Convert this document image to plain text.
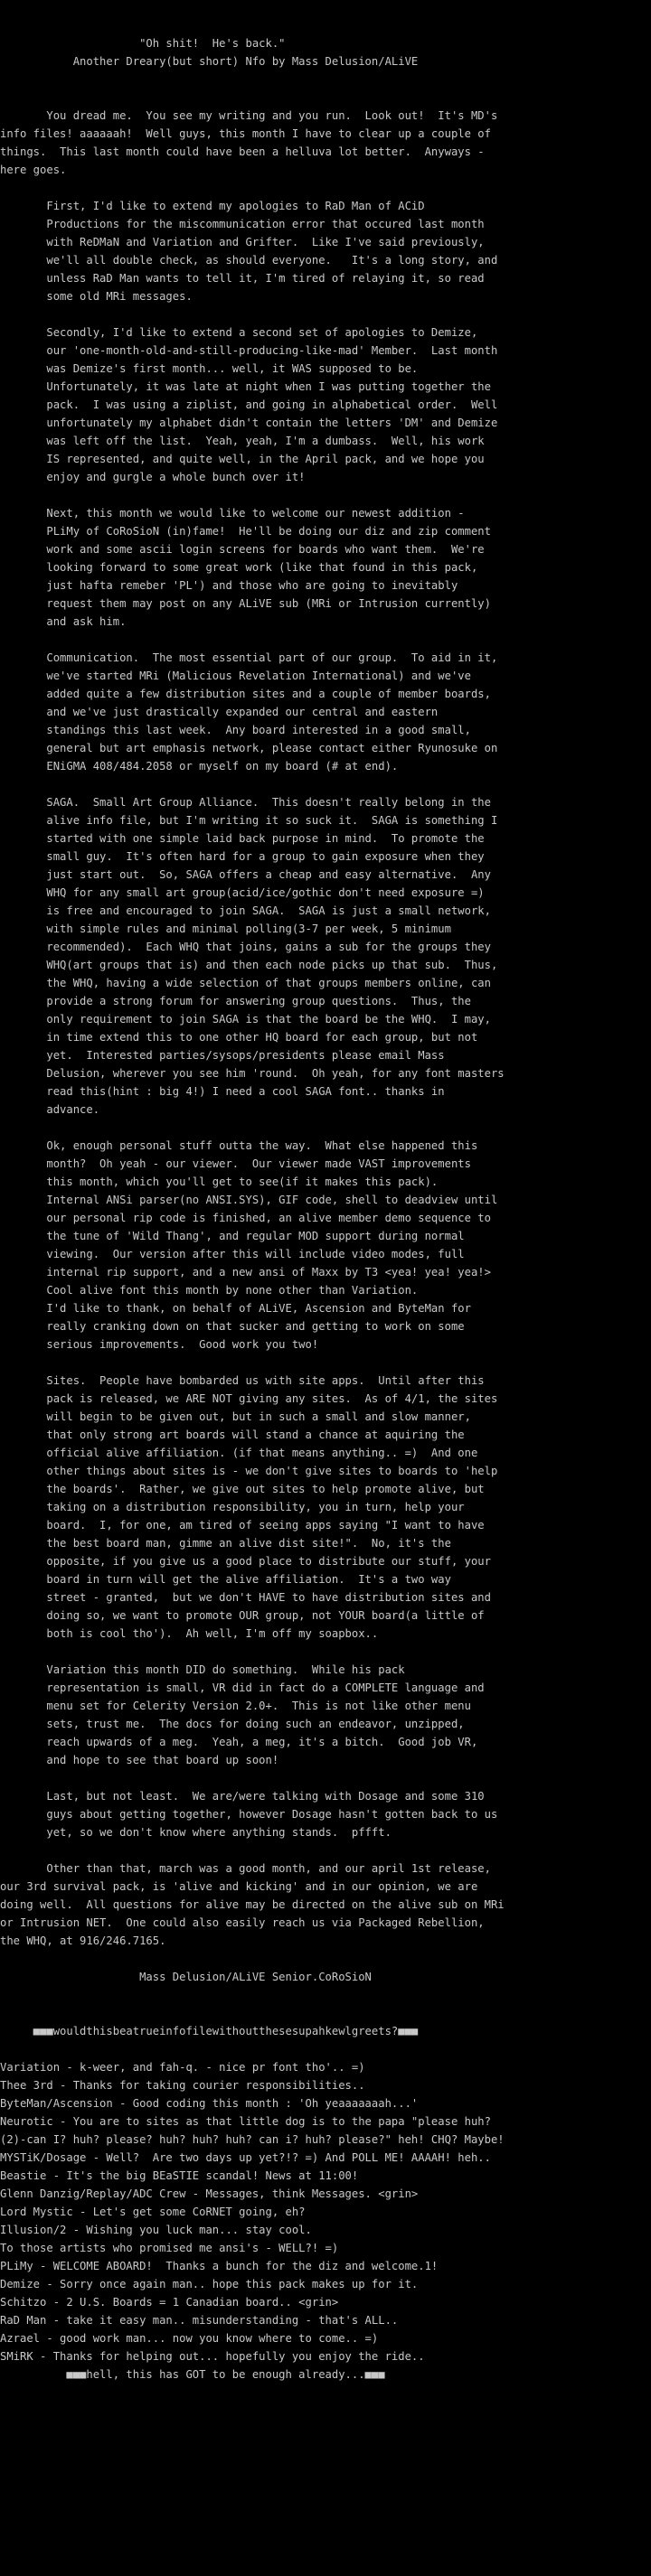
"Oh shit!  He's back."
Another Dreary(but short) Nfo by Mass Delusion/ALiVE
You dread me.  You see my writing and you run.  Look out!  It's MD's
info files! aaaaaah!  Well guys, this month I have to clear up a couple of
things.  This last month could have been a helluva lot better.  Anyways -
here goes.
First, I'd like to extend my apologies to RaD Man of ACiD
Productions for the miscommunication error that occured last month
with ReDMaN and Variation and Grifter.  Like I've said previously,
we'll all double check, as should everyone.   It's a long story, and
unless RaD Man wants to tell it, I'm tired of relaying it, so read
some old MRi messages.
Secondly, I'd like to extend a second set of apologies to Demize,
our 'one-month-old-and-still-producing-like-mad' Member.  Last month
was Demize's first month... well, it WAS supposed to be.
Unfortunately, it was late at night when I was putting together the
pack.  I was using a ziplist, and going in alphabetical order.  Well
unfortunately my alphabet didn't contain the letters 'DM' and Demize
was left off the list.  Yeah, yeah, I'm a dumbass.  Well, his work
IS represented, and quite well, in the April pack, and we hope you
enjoy and gurgle a whole bunch over it!
Next, this month we would like to welcome our newest addition -
PLiMy of CoRoSioN (in)fame!  He'll be doing our diz and zip comment
work and some ascii login screens for boards who want them.  We're
looking forward to some great work (like that found in this pack,
just hafta remeber 'PL') and those who are going to inevitably
request them may post on any ALiVE sub (MRi or Intrusion currently)
and ask him.
Communication.  The most essential part of our group.  To aid in it,
we've started MRi (Malicious Revelation International) and we've
added quite a few distribution sites and a couple of member boards,
and we've just drastically expanded our central and eastern
standings this last week.  Any board interested in a good small,
general but art emphasis network, please contact either Ryunosuke on
ENiGMA 408/484.2058 or myself on my board (# at end).
SAGA.  Small Art Group Alliance.  This doesn't really belong in the
alive info file, but I'm writing it so suck it.  SAGA is something I
started with one simple laid back purpose in mind.  To promote the
small guy.  It's often hard for a group to gain exposure when they
just start out.  So, SAGA offers a cheap and easy alternative.  Any
WHQ for any small art group(acid/ice/gothic don't need exposure =)
is free and encouraged to join SAGA.  SAGA is just a small network,
with simple rules and minimal polling(3-7 per week, 5 minimum
recommended).  Each WHQ that joins, gains a sub for the groups they
WHQ(art groups that is) and then each node picks up that sub.  Thus,
the WHQ, having a wide selection of that groups members online, can
provide a strong forum for answering group questions.  Thus, the
only requirement to join SAGA is that the board be the WHQ.  I may,
in time extend this to one other HQ board for each group, but not
yet.  Interested parties/sysops/presidents please email Mass
Delusion, wherever you see him 'round.  Oh yeah, for any font masters
read this(hint : big 4!) I need a cool SAGA font.. thanks in
advance.
Ok, enough personal stuff outta the way.  What else happened this
month?  Oh yeah - our viewer.  Our viewer made VAST improvements
this month, which you'll get to see(if it makes this pack).
Internal ANSi parser(no ANSI.SYS), GIF code, shell to deadview until
our personal rip code is finished, an alive member demo sequence to
the tune of 'Wild Thang', and regular MOD support during normal
viewing.  Our version after this will include video modes, full
internal rip support, and a new ansi of Maxx by T3 <yea! yea! yea!>
Cool alive font this month by none other than Variation.
I'd like to thank, on behalf of ALiVE, Ascension and ByteMan for
really cranking down on that sucker and getting to work on some
serious improvements.  Good work you two!
Sites.  People have bombarded us with site apps.  Until after this
pack is released, we ARE NOT giving any sites.  As of 4/1, the sites
will begin to be given out, but in such a small and slow manner,
that only strong art boards will stand a chance at aquiring the
official alive affiliation. (if that means anything.. =)  And one
other things about sites is - we don't give sites to boards to 'help
the boards'.  Rather, we give out sites to help promote alive, but
taking on a distribution responsibility, you in turn, help your
board.  I, for one, am tired of seeing apps saying "I want to have
the best board man, gimme an alive dist site!".  No, it's the
opposite, if you give us a good place to distribute our stuff, your
board in turn will get the alive affiliation.  It's a two way
street - granted,  but we don't HAVE to have distribution sites and
doing so, we want to promote OUR group, not YOUR board(a little of
both is cool tho').  Ah well, I'm off my soapbox..
Variation this month DID do something.  While his pack
representation is small, VR did in fact do a COMPLETE language and
menu set for Celerity Version 2.0+.  This is not like other menu
sets, trust me.  The docs for doing such an endeavor, unzipped,
reach upwards of a meg.  Yeah, a meg, it's a bitch.  Good job VR,
and hope to see that board up soon!
Last, but not least.  We are/were talking with Dosage and some 310
guys about getting together, however Dosage hasn't gotten back to us
yet, so we don't know where anything stands.  pffft.
Other than that, march was a good month, and our april 1st release,
our 3rd survival pack, is 'alive and kicking' and in our opinion, we are
doing well.  All questions for alive may be directed on the alive sub on MRi
or Intrusion NET.  One could also easily reach us via Packaged Rebellion,
the WHQ, at 916/246.7165.
Mass Delusion/ALiVE Senior.CoRoSioN
■■■wouldthisbeatrueinfofilewithoutthesesupahkewlgreets?■■■
Variation - k-weer, and fah-q. - nice pr font tho'.. =)
Thee 3rd - Thanks for taking courier responsibilities..
ByteMan/Ascension - Good coding this month : 'Oh yeaaaaaaah...'
Neurotic - You are to sites as that little dog is to the papa "please huh?
(2)-can I? huh? please? huh? huh? huh? can i? huh? please?" heh! CHQ? Maybe!
MYSTiK/Dosage - Well?  Are two days up yet?!? =) And POLL ME! AAAAH! heh..
Beastie - It's the big BEaSTIE scandal! News at 11:00!
Glenn Danzig/Replay/ADC Crew - Messages, think Messages. <grin>
Lord Mystic - Let's get some CoRNET going, eh?
Illusion/2 - Wishing you luck man... stay cool.
To those artists who promised me ansi's - WELL?! =)
PLiMy - WELCOME ABOARD!  Thanks a bunch for the diz and welcome.1!
Demize - Sorry once again man.. hope this pack makes up for it.
Schitzo - 2 U.S. Boards = 1 Canadian board.. <grin>
RaD Man - take it easy man.. misunderstanding - that's ALL..
Azrael - good work man... now you know where to come.. =)
SMiRK - Thanks for helping out... hopefully you enjoy the ride..
■■■hell, this has GOT to be enough already...■■■
